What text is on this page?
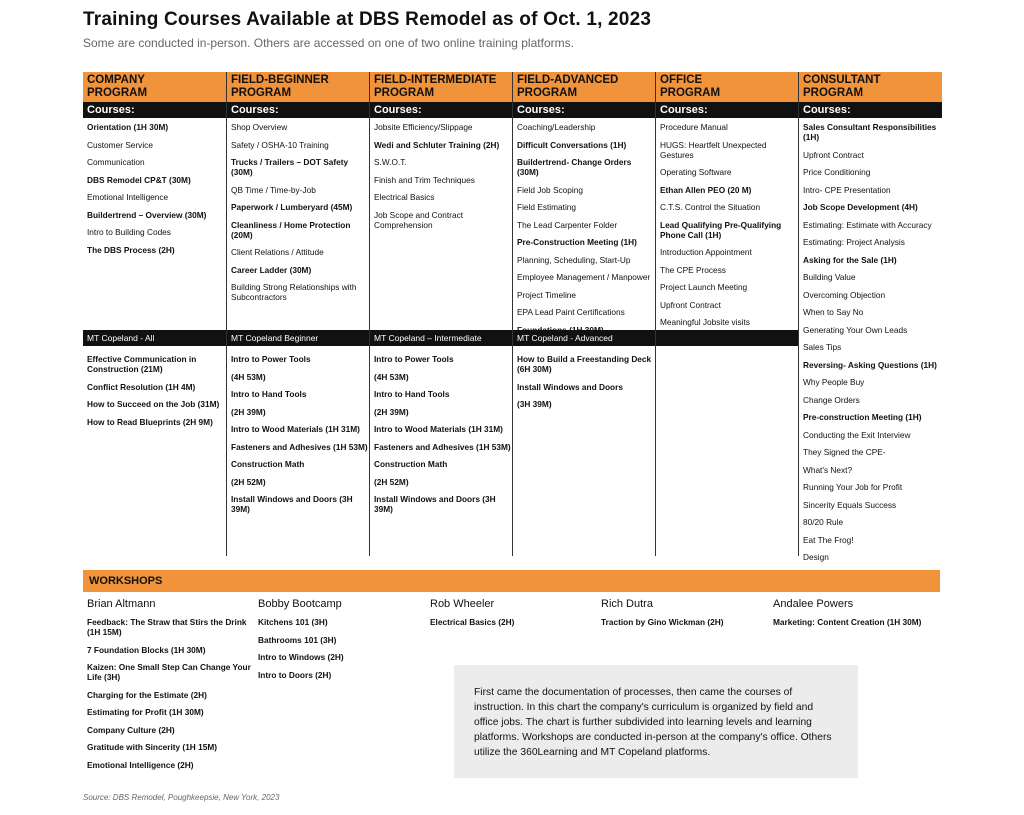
Training Courses Available at DBS Remodel as of Oct. 1, 2023
Some are conducted in-person. Others are accessed on one of two online training platforms.
COMPANY
PROGRAM
Courses:
Orientation (1H 30M)
Customer Service
Communication
DBS Remodel CP&T (30M)
Emotional Intelligence
Buildertrend – Overview (30M)
Intro to Building Codes
The DBS Process (2H)
MT Copeland - All
Effective Communication in Construction (21M)
Conflict Resolution (1H 4M)
How to Succeed on the Job (31M)
How to Read Blueprints (2H 9M)
FIELD-BEGINNER
PROGRAM
Courses:
Shop Overview
Safety / OSHA-10 Training
Trucks / Trailers – DOT Safety (30M)
QB Time / Time-by-Job
Paperwork / Lumberyard (45M)
Cleanliness / Home Protection (20M)
Client Relations / Attitude
Career Ladder (30M)
Building Strong Relationships with Subcontractors
MT Copeland Beginner
Intro to Power Tools
(4H 53M)
Intro to Hand Tools
(2H 39M)
Intro to Wood Materials (1H 31M)
Fasteners and Adhesives (1H 53M)
Construction Math
(2H 52M)
Install Windows and Doors (3H 39M)
FIELD-INTERMEDIATE
PROGRAM
Courses:
Jobsite Efficiency/Slippage
Wedi and Schluter Training (2H)
S.W.O.T.
Finish and Trim Techniques
Electrical Basics
Job Scope and Contract Comprehension
MT Copeland – Intermediate
Intro to Power Tools
(4H 53M)
Intro to Hand Tools
(2H 39M)
Intro to Wood Materials (1H 31M)
Fasteners and Adhesives (1H 53M)
Construction Math
(2H 52M)
Install Windows and Doors (3H 39M)
FIELD-ADVANCED
PROGRAM
Courses:
Coaching/Leadership
Difficult Conversations (1H)
Buildertrend- Change Orders (30M)
Field Job Scoping
Field Estimating
The Lead Carpenter Folder
Pre-Construction Meeting (1H)
Planning, Scheduling, Start-Up
Employee Management / Manpower
Project Timeline
EPA Lead Paint Certifications
MT Copeland - Advanced
How to Build a Freestanding Deck (6H 30M)
Install Windows and Doors
(3H 39M)
OFFICE
PROGRAM
Courses:
Procedure Manual
HUGS: Heartfelt Unexpected Gestures
Operating Software
Ethan Allen PEO (20 M)
C.T.S. Control the Situation
Lead Qualifying Pre-Qualifying Phone Call (1H)
Introduction Appointment
The CPE Process
Project Launch Meeting
Upfront Contract
Meaningful Jobsite visits
CONSULTANT
PROGRAM
Courses:
Sales Consultant Responsibilities (1H)
Upfront Contract
Price Conditioning
Intro- CPE Presentation
Job Scope Development (4H)
Estimating: Estimate with Accuracy
Estimating: Project Analysis
Asking for the Sale (1H)
Building Value
Overcoming Objection
When to Say No
Generating Your Own Leads
Sales Tips
Reversing- Asking Questions (1H)
Why People Buy
Change Orders
Pre-construction Meeting (1H)
Conducting the Exit Interview
They Signed the CPE-
What's Next?
Running Your Job for Profit
Sincerity Equals Success
80/20 Rule
Eat The Frog!
Design
WORKSHOPS
Brian Altmann
Feedback: The Straw that Stirs the Drink (1H 15M)
7 Foundation Blocks (1H 30M)
Kaizen: One Small Step Can Change Your Life (3H)
Charging for the Estimate (2H)
Estimating for Profit (1H 30M)
Company Culture (2H)
Gratitude with Sincerity (1H 15M)
Emotional Intelligence (2H)
Bobby Bootcamp
Kitchens 101 (3H)
Bathrooms 101 (3H)
Intro to Windows (2H)
Intro to Doors (2H)
Rob Wheeler
Electrical Basics (2H)
Rich Dutra
Traction by Gino Wickman (2H)
Andalee Powers
Marketing: Content Creation (1H 30M)
First came the documentation of processes, then came the courses of instruction. In this chart the company's curriculum is organized by field and office jobs. The chart is further subdivided into learning levels and learning platforms. Workshops are conducted in-person at the company's office. Others utilize the 360Learning and MT Copeland platforms.
Source: DBS Remodel, Poughkeepsie, New York, 2023
